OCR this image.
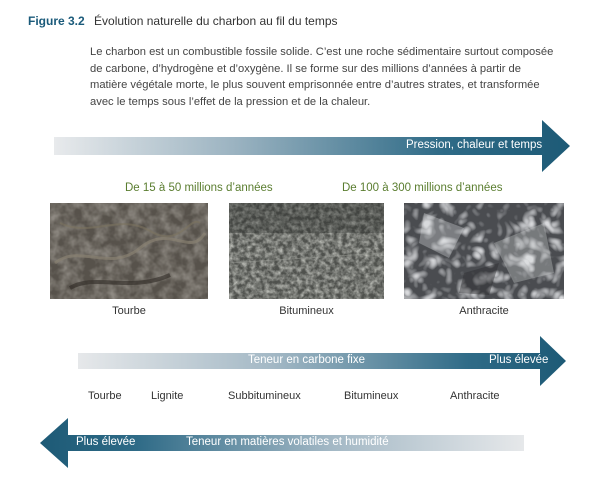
Figure 3.2 Évolution naturelle du charbon au fil du temps
Le charbon est un combustible fossile solide. C’est une roche sédimentaire surtout composée de carbone, d’hydrogène et d’oxygène. Il se forme sur des millions d’années à partir de matière végétale morte, le plus souvent emprisonnée entre d’autres strates, et transformée avec le temps sous l’effet de la pression et de la chaleur.
Pression, chaleur et temps
De 15 à 50 millions d’années	De 100 à 300 millions d’années
Tourbe	Bitumineux	Anthracite
Teneur en carbone fixe	Plus élevée
Tourbe	Lignite	Subbitumineux	Bitumineux	Anthracite
Plus élevée	Teneur en matières volatiles et humidité
